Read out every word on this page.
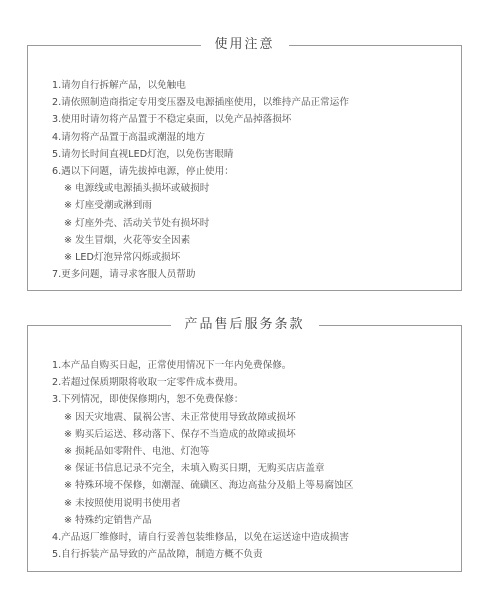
使用注意
1.请勿自行拆解产品，以免触电
2.请依照制造商指定专用变压器及电源插座使用，以维持产品正常运作
3.使用时请勿将产品置于不稳定桌面，以免产品掉落损坏
4.请勿将产品置于高温或潮湿的地方
5.请勿长时间直视LED灯泡，以免伤害眼睛
6.遇以下问题，请先拔掉电源，停止使用：
※ 电源线或电源插头损坏或破损时
※ 灯座受潮或淋到雨
※ 灯座外壳、活动关节处有损坏时
※ 发生冒烟，火花等安全因素
※ LED灯泡异常闪烁或损坏
7.更多问题，请寻求客服人员帮助
产品售后服务条款
1.本产品自购买日起，正常使用情况下一年内免费保修。
2.若超过保质期限将收取一定零件成本费用。
3.下列情况，即使保修期内，恕不免费保修：
※ 因天灾地震、鼠祸公害、未正常使用导致故障或损坏
※ 购买后运送、移动落下、保存不当造成的故障或损坏
※ 损耗品如零附件、电池、灯泡等
※ 保证书信息记录不完全，未填入购买日期，无购买店店盖章
※ 特殊环境不保修，如潮湿、硫磺区、海边高盐分及船上等易腐蚀区
※ 未按照使用说明书使用者
※ 特殊约定销售产品
4.产品返厂维修时，请自行妥善包装维修品，以免在运送途中造成损害
5.自行拆装产品导致的产品故障，制造方概不负责
